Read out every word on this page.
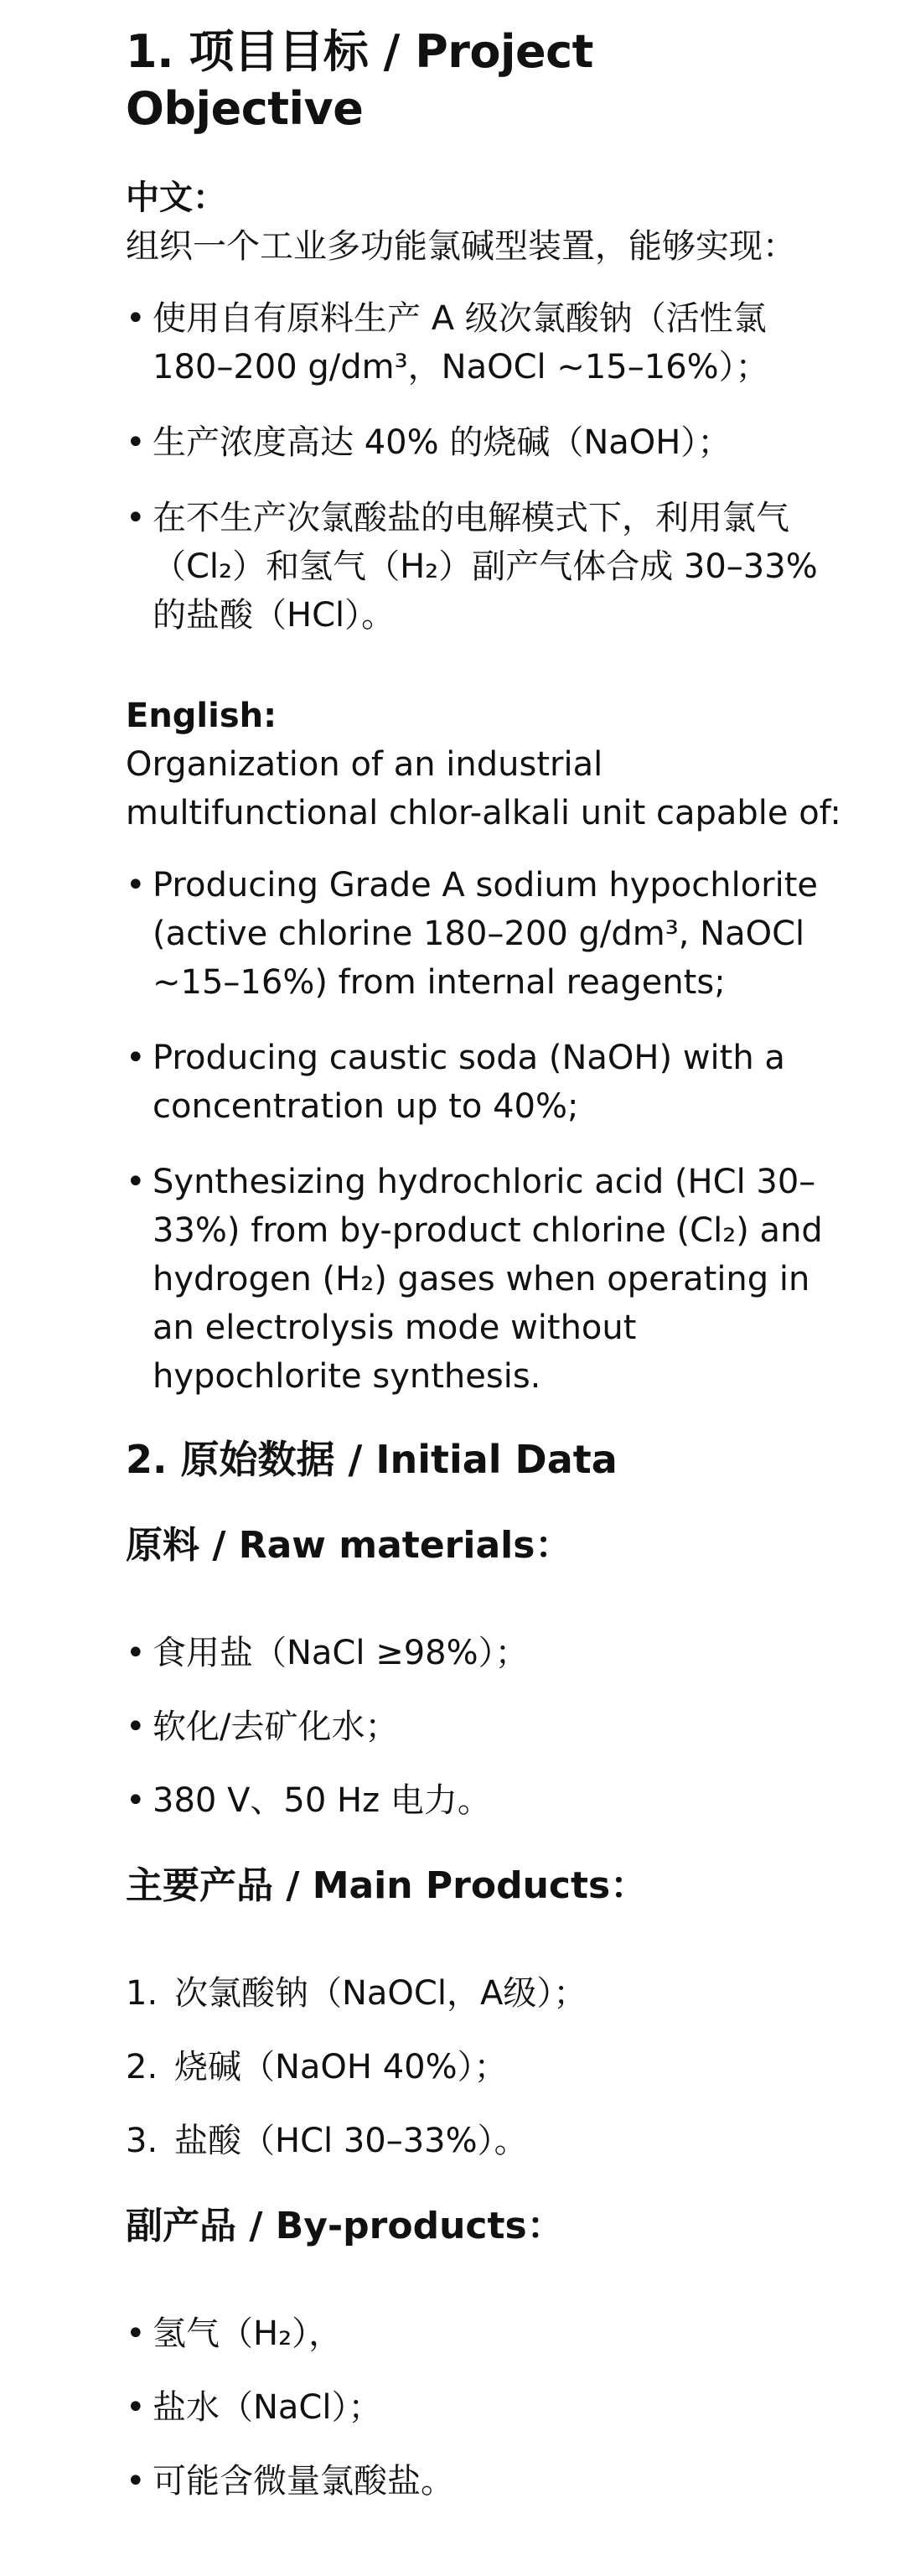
1. 项目目标 / Project Objective

中文：

组织一个工业多功能氯碱型装置，能够实现：

• 使用自有原料生产 A 级次氯酸钠（活性氯 180–200 g/dm³，NaOCl ~15–16%）；
• 生产浓度高达 40% 的烧碱（NaOH）；
• 在不生产次氯酸盐的电解模式下，利用氯气（Cl₂）和氢气（H₂）副产气体合成 30–33% 的盐酸（HCl）。

English:

Organization of an industrial multifunctional chlor-alkali unit capable of:

• Producing Grade A sodium hypochlorite (active chlorine 180–200 g/dm³, NaOCl ~15–16%) from internal reagents;
• Producing caustic soda (NaOH) with a concentration up to 40%;
• Synthesizing hydrochloric acid (HCl 30–33%) from by-product chlorine (Cl₂) and hydrogen (H₂) gases when operating in an electrolysis mode without hypochlorite synthesis.
2. 原始数据 / Initial Data
原料 / Raw materials：
• 食用盐（NaCl ≥98%）；
• 软化/去矿化水；
• 380 V、50 Hz 电力。
主要产品 / Main Products：
1. 次氯酸钠（NaOCl，A级）；
2. 烧碱（NaOH 40%）；
3. 盐酸（HCl 30–33%）。
副产品 / By-products：
• 氢气（H₂），
• 盐水（NaCl）；
• 可能含微量氯酸盐。
